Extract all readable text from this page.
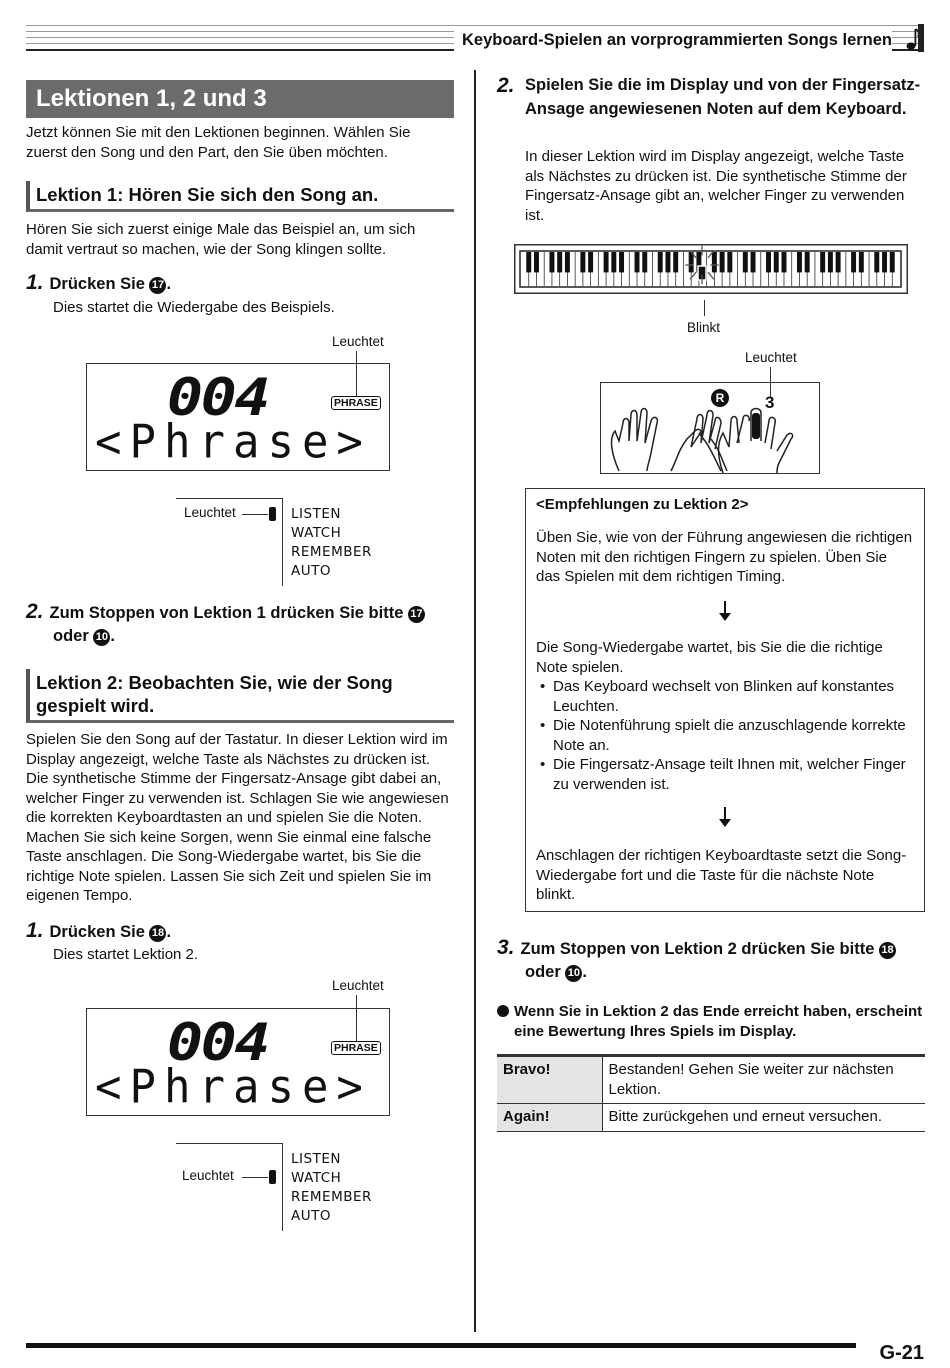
Keyboard-Spielen an vorprogrammierten Songs lernen
Lektionen 1, 2 und 3

Jetzt können Sie mit den Lektionen beginnen. Wählen Sie zuerst den Song und den Part, den Sie üben möchten.

Lektion 1: Hören Sie sich den Song an.

Hören Sie sich zuerst einige Male das Beispiel an, um sich damit vertraut so machen, wie der Song klingen sollte.

1. Drücken Sie 17 .

Dies startet die Wiedergabe des Beispiels.

Leuchtet
004	PHRASE
<Phrase>
Leuchtet	LISTEN
WATCH
REMEMBER
AUTO
2. Zum Stoppen von Lektion 1 drücken Sie bitte 17
oder 10 .
Lektion 2: Beobachten Sie, wie der Song gespielt wird.

Spielen Sie den Song auf der Tastatur. In dieser Lektion wird im Display angezeigt, welche Taste als Nächstes zu drücken ist. Die synthetische Stimme der Fingersatz-Ansage gibt dabei an, welcher Finger zu verwenden ist. Schlagen Sie wie angewiesen die korrekten Keyboardtasten an und spielen Sie die Noten. Machen Sie sich keine Sorgen, wenn Sie einmal eine falsche Taste anschlagen. Die Song-Wiedergabe wartet, bis Sie die richtige Note spielen. Lassen Sie sich Zeit und spielen Sie im eigenen Tempo.

1. Drücken Sie 18 .

Dies startet Lektion 2.

Leuchtet
004	PHRASE
<Phrase>
Leuchtet
LISTEN
WATCH
REMEMBER
AUTO
2. Spielen Sie die im Display und von der Fingersatz-Ansage angewiesenen Noten auf dem Keyboard.

In dieser Lektion wird im Display angezeigt, welche Taste als Nächstes zu drücken ist. Die synthetische Stimme der Fingersatz-Ansage gibt an, welcher Finger zu verwenden ist.

Blinkt
Leuchtet
R 3

<Empfehlungen zu Lektion 2>

Üben Sie, wie von der Führung angewiesen die richtigen Noten mit den richtigen Fingern zu spielen. Üben Sie das Spielen mit dem richtigen Timing.

Die Song-Wiedergabe wartet, bis Sie die die richtige Note spielen.

• Das Keyboard wechselt von Blinken auf konstantes Leuchten.
• Die Notenführung spielt die anzuschlagende korrekte Note an.
• Die Fingersatz-Ansage teilt Ihnen mit, welcher Finger zu verwenden ist.

Anschlagen der richtigen Keyboardtaste setzt die Song-Wiedergabe fort und die Taste für die nächste Note blinkt.

3. Zum Stoppen von Lektion 2 drücken Sie bitte 18
oder 10 .
Wenn Sie in Lektion 2 das Ende erreicht haben, erscheint eine Bewertung Ihres Spiels im Display.
Bravo!	Bestanden! Gehen Sie weiter zur nächsten Lektion.
Again!	Bitte zurückgehen und erneut versuchen.
G-21
